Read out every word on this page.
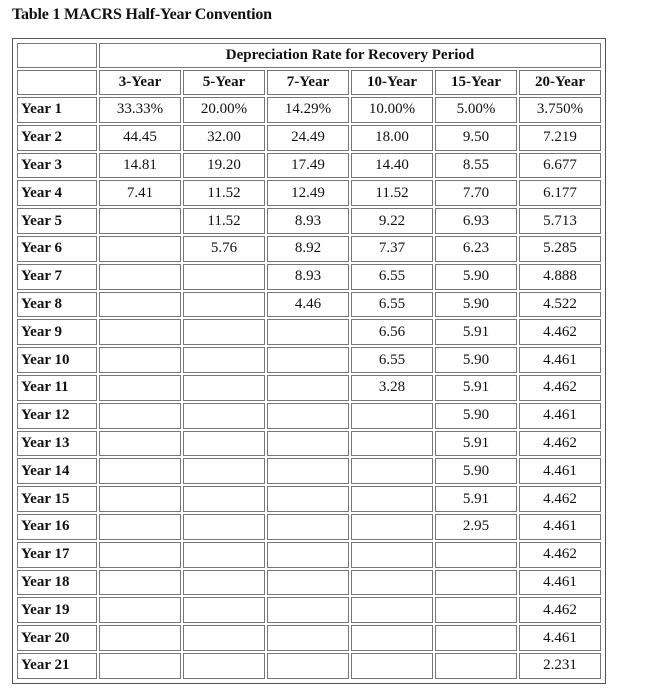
Table 1 MACRS Half-Year Convention
	Depreciation Rate for Recovery Period					
	3-Year	5-Year	7-Year	10-Year	15-Year	20-Year
Year 1	33.33%	20.00%	14.29%	10.00%	5.00%	3.750%
Year 2	44.45	32.00	24.49	18.00	9.50	7.219
Year 3	14.81	19.20	17.49	14.40	8.55	6.677
Year 4	7.41	11.52	12.49	11.52	7.70	6.177
Year 5		11.52	8.93	9.22	6.93	5.713
Year 6		5.76	8.92	7.37	6.23	5.285
Year 7			8.93	6.55	5.90	4.888
Year 8			4.46	6.55	5.90	4.522
Year 9				6.56	5.91	4.462
Year 10				6.55	5.90	4.461
Year 11				3.28	5.91	4.462
Year 12					5.90	4.461
Year 13					5.91	4.462
Year 14					5.90	4.461
Year 15					5.91	4.462
Year 16					2.95	4.461
Year 17						4.462
Year 18						4.461
Year 19						4.462
Year 20						4.461
Year 21						2.231
